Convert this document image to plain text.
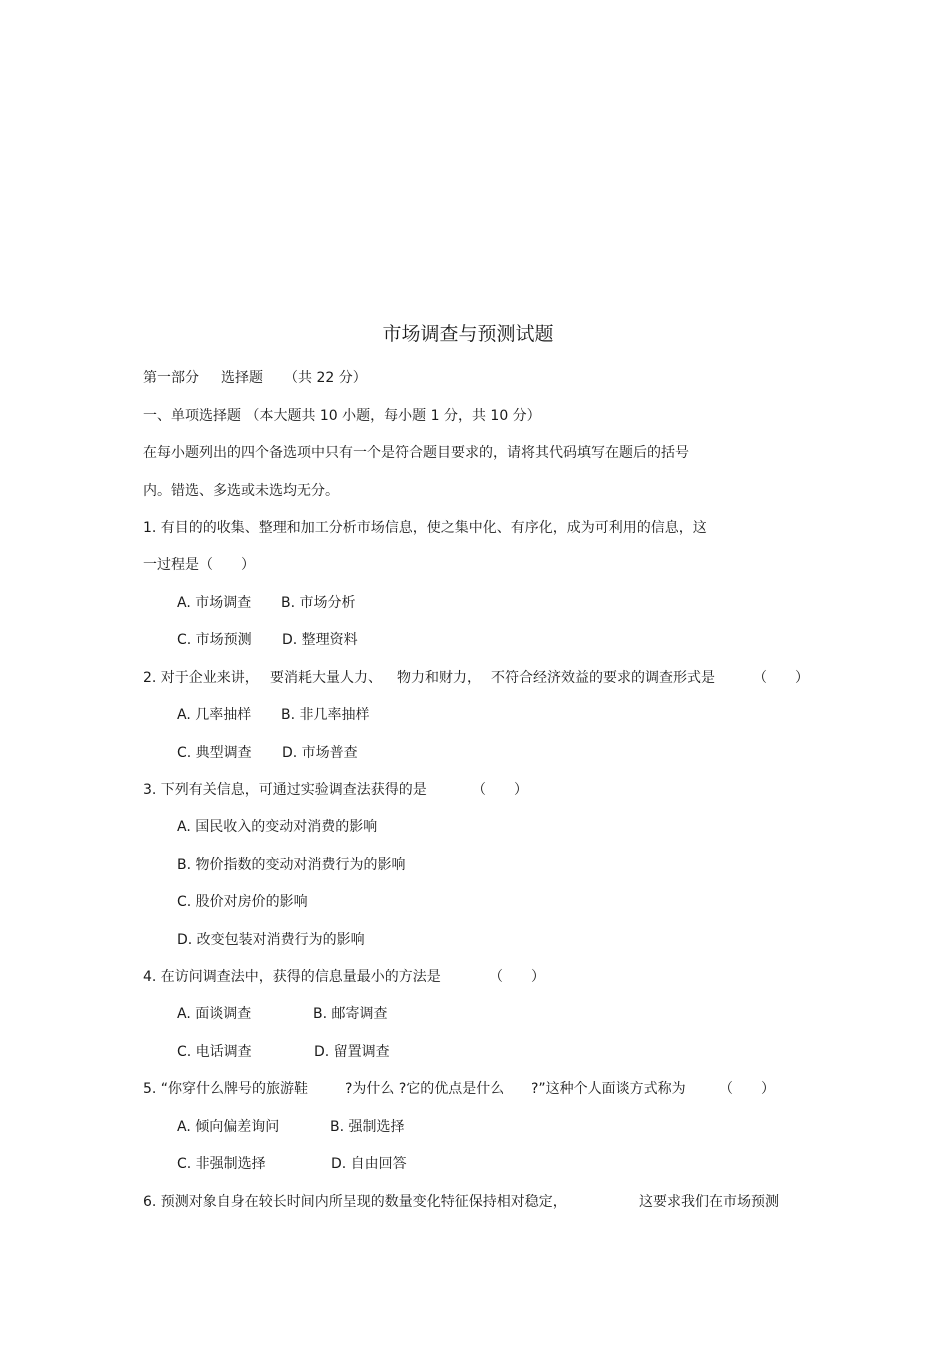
市场调查与预测试题
第一部分 选择题 （共 22 分）
一、单项选择题 （本大题共 10 小题，每小题 1 分，共 10 分）
在每小题列出的四个备选项中只有一个是符合题目要求的，请将其代码填写在题后的括号
内。错选、多选或未选均无分。
1. 有目的的收集、整理和加工分析市场信息，使之集中化、有序化，成为可利用的信息，这
一过程是（　　）
A. 市场调查 B. 市场分析
C. 市场预测 D. 整理资料
2. 对于企业来讲， 要消耗大量人力、 物力和财力， 不符合经济效益的要求的调查形式是	（　　）
A. 几率抽样 B. 非几率抽样
C. 典型调查 D. 市场普查
3. 下列有关信息，可通过实验调查法获得的是	（　　）
A. 国民收入的变动对消费的影响
B. 物价指数的变动对消费行为的影响
C. 股价对房价的影响
D. 改变包装对消费行为的影响
4. 在访问调查法中，获得的信息量最小的方法是	（　　）
A. 面谈调查	B. 邮寄调查
C. 电话调查	D. 留置调查
5. “你穿什么牌号的旅游鞋	?为什么 ?它的优点是什么 ?”这种个人面谈方式称为 （　　）
A. 倾向偏差询问	B. 强制选择
C. 非强制选择	D. 自由回答
6. 预测对象自身在较长时间内所呈现的数量变化特征保持相对稳定，	这要求我们在市场预测
